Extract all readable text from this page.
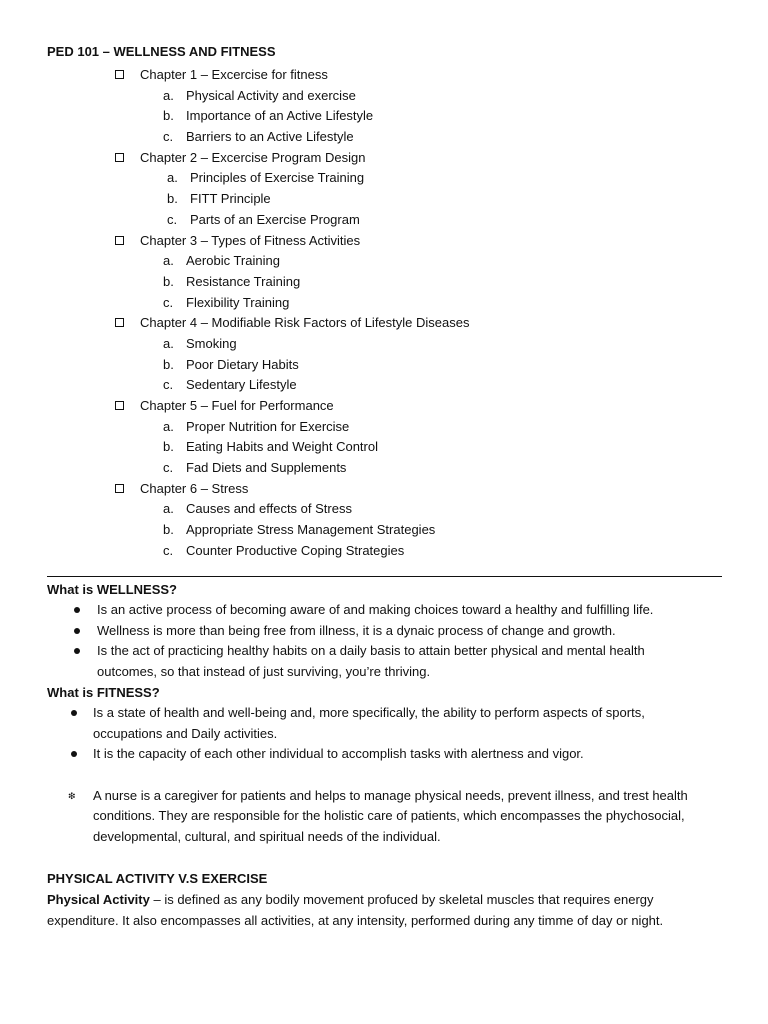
PED 101 – WELLNESS AND FITNESS
Chapter 1 – Excercise for fitness
a. Physical Activity and exercise
b. Importance of an Active Lifestyle
c. Barriers to an Active Lifestyle
Chapter 2 – Excercise Program Design
a. Principles of Exercise Training
b. FITT Principle
c. Parts of an Exercise Program
Chapter 3 – Types of Fitness Activities
a. Aerobic Training
b. Resistance Training
c. Flexibility Training
Chapter 4 – Modifiable Risk Factors of Lifestyle Diseases
a. Smoking
b. Poor Dietary Habits
c. Sedentary Lifestyle
Chapter 5 – Fuel for Performance
a. Proper Nutrition for Exercise
b. Eating Habits and Weight Control
c. Fad Diets and Supplements
Chapter 6 – Stress
a. Causes and effects of Stress
b. Appropriate Stress Management Strategies
c. Counter Productive Coping Strategies
What is WELLNESS?
Is an active process of becoming aware of and making choices toward a healthy and fulfilling life.
Wellness is more than being free from illness, it is a dynaic process of change and growth.
Is the act of practicing healthy habits on a daily basis to attain better physical and mental health outcomes, so that instead of just surviving, you’re thriving.
What is FITNESS?
Is a state of health and well-being and, more specifically, the ability to perform aspects of sports, occupations and Daily activities.
It is the capacity of each other individual to accomplish tasks with alertness and vigor.
❇ A nurse is a caregiver for patients and helps to manage physical needs, prevent illness, and trest health conditions. They are responsible for the holistic care of patients, which encompasses the phychosocial, developmental, cultural, and spiritual needs of the individual.
PHYSICAL ACTIVITY V.S EXERCISE
Physical Activity – is defined as any bodily movement profuced by skeletal muscles that requires energy expenditure. It also encompasses all activities, at any intensity, performed during any timme of day or night.
